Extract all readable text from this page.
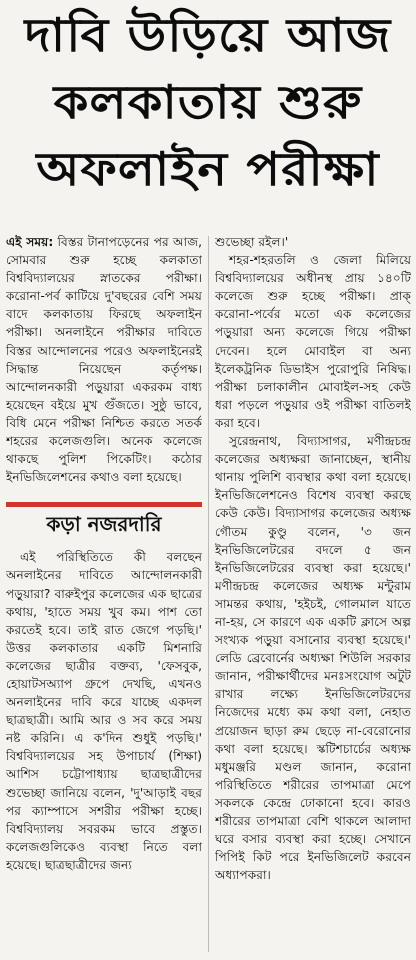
দাবি উড়িয়ে আজ
কলকাতায় শুরু
অফলাইন পরীক্ষা

এই সময়: বিস্তর টানাপড়েনের পর আজ, সোমবার শুরু হচ্ছে কলকাতা বিশ্ববিদ্যালয়ের স্নাতকের পরীক্ষা। করোনা-পর্ব কাটিয়ে দু'বছরের বেশি সময় বাদে কলকাতায় ফিরছে অফলাইন পরীক্ষা। অনলাইনে পরীক্ষার দাবিতে বিস্তর আন্দোলনের পরেও অফলাইনেরই সিদ্ধান্ত নিয়েছেন কর্তৃপক্ষ। আন্দোলনকারী পড়ুয়ারা একরকম বাধ্য হয়েছেন বইয়ে মুখ গুঁজতে। সুষ্ঠু ভাবে, বিধি মেনে পরীক্ষা নিশ্চিত করতে সতর্ক শহরের কলেজগুলি। অনেক কলেজে থাকছে পুলিশ পিকেটিং। কঠোর ইনভিজিলেশনের কথাও বলা হয়েছে।

কড়া নজরদারি

এই পরিস্থিতিতে কী বলছেন অনলাইনের দাবিতে আন্দোলনকারী পড়ুয়ারা? বারুইপুর কলেজের এক ছাত্রের কথায়, 'হাতে সময় খুব কম। পাশ তো করতেই হবে। তাই রাত জেগে পড়ছি।' উত্তর কলকাতার একটি মিশনারি কলেজের ছাত্রীর বক্তব্য, 'ফেসবুক, হোয়াটসঅ্যাপ গ্রুপে দেখছি, এখনও অনলাইনের দাবি করে যাচ্ছে একদল ছাত্রছাত্রী। আমি আর ও সব করে সময় নষ্ট করিনি। এ ক'দিন শুধুই পড়ছি।' বিশ্ববিদ্যালয়ের সহ উপাচার্য (শিক্ষা) আশিস চট্টোপাধ্যায় ছাত্রছাত্রীদের শুভেচ্ছা জানিয়ে বলেন, 'দু'আড়াই বছর পর ক্যাম্পাসে সশরীর পরীক্ষা হচ্ছে। বিশ্ববিদ্যালয় সবরকম ভাবে প্রস্তুত। কলেজগুলিকেও ব্যবস্থা নিতে বলা হয়েছে। ছাত্রছাত্রীদের জন্য

শুভেচ্ছা রইল।'

শহর-শহরতলি ও জেলা মিলিয়ে বিশ্ববিদ্যালয়ের অধীনস্থ প্রায় ১৪০টি কলেজে শুরু হচ্ছে পরীক্ষা। প্রাক্ করোনা-পর্বের মতো এক কলেজের পড়ুয়ারা অন্য কলেজে গিয়ে পরীক্ষা দেবেন। হলে মোবাইল বা অন্য ইলেকট্রনিক ডিভাইস পুরোপুরি নিষিদ্ধ। পরীক্ষা চলাকালীন মোবাইল-সহ কেউ ধরা পড়লে পড়ুয়ার ওই পরীক্ষা বাতিলই করা হবে।

সুরেন্দ্রনাথ, বিদ্যাসাগর, মণীন্দ্রচন্দ্র কলেজের অধ্যক্ষরা জানাচ্ছেন, স্থানীয় থানায় পুলিশি ব্যবস্থার কথা বলা হয়েছে। ইনভিজিলেশনেও বিশেষ ব্যবস্থা করছে কেউ কেউ। বিদ্যাসাগর কলেজের অধ্যক্ষ গৌতম কুণ্ডু বলেন, '৩ জন ইনভিজিলেটরের বদলে ৫ জন ইনভিজিলেটরের ব্যবস্থা করা হয়েছে।' মণীন্দ্রচন্দ্র কলেজের অধ্যক্ষ মন্টুরাম সামন্তর কথায়, 'হইচই, গোলমাল যাতে না-হয়, সে কারণে এক একটি ক্লাসে অল্প সংখ্যক পড়ুয়া বসানোর ব্যবস্থা হয়েছে।' লেডি ব্রেবোর্নের অধ্যক্ষা শিউলি সরকার জানান, পরীক্ষার্থীদের মনঃসংযোগ অটুট রাখার লক্ষ্যে ইনভিজিলেটরদের নিজেদের মধ্যে কম কথা বলা, নেহাত প্রয়োজন ছাড়া রুম ছেড়ে না-বেরোনোর কথা বলা হয়েছে। স্কটিশচার্চের অধ্যক্ষ মধুমঞ্জরি মণ্ডল জানান, করোনা পরিস্থিতিতে শরীরের তাপমাত্রা মেপে সকলকে কেন্দ্রে ঢোকানো হবে। কারও শরীরের তাপমাত্রা বেশি থাকলে আলাদা ঘরে বসার ব্যবস্থা করা হচ্ছে। সেখানে পিপিই কিট পরে ইনভিজিলেট করবেন অধ্যাপকরা।
